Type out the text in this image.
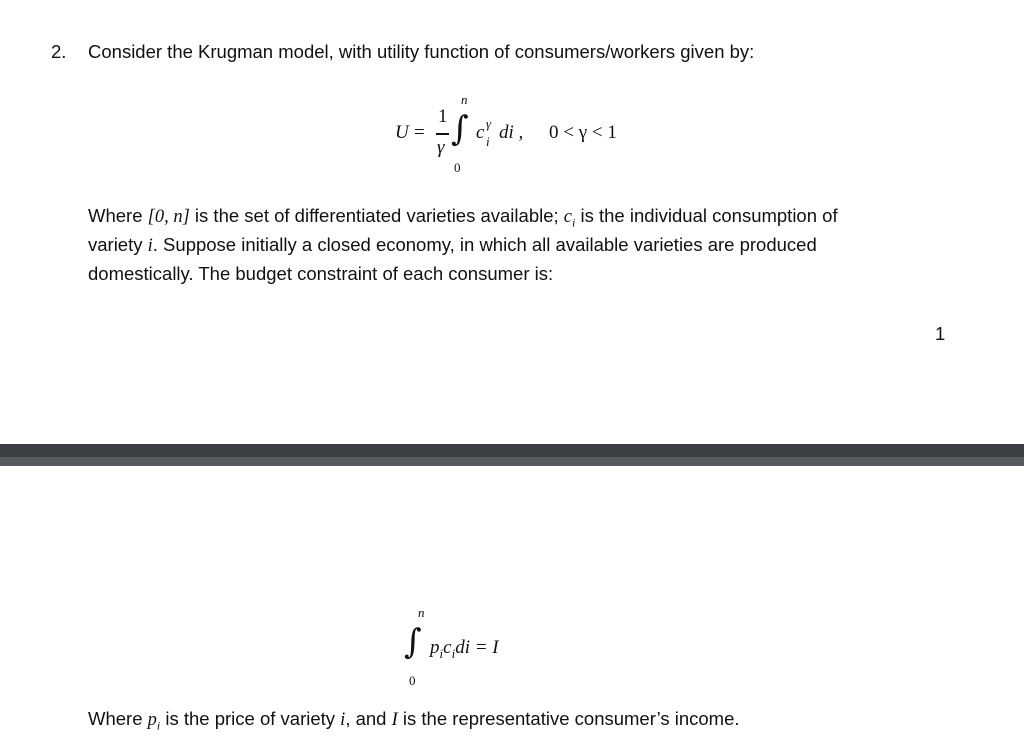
2. Consider the Krugman model, with utility function of consumers/workers given by:
U =
1
γ
n
∫
0
c γ
i di , 0 < γ < 1
Where [0, n] is the set of differentiated varieties available; $c_i$ is the individual consumption of
variety i. Suppose initially a closed economy, in which all available varieties are produced
domestically. The budget constraint of each consumer is:
1
n
∫
0
$p_ic_idi = I$
Where $p_i$ is the price of variety i, and I is the representative consumer’s income.
